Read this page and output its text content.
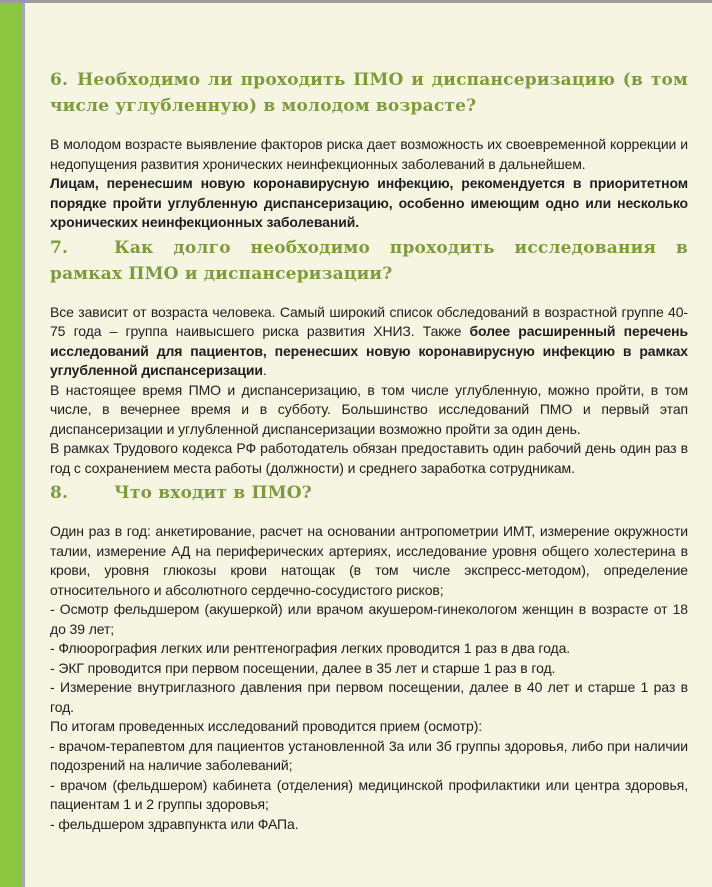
6. Необходимо ли проходить ПМО и диспансеризацию (в том числе углубленную) в молодом возрасте?

В молодом возрасте выявление факторов риска дает возможность их своевременной коррекции и недопущения развития хронических неинфекционных заболеваний в дальнейшем.

Лицам, перенесшим новую коронавирусную инфекцию, рекомендуется в приоритетном порядке пройти углубленную диспансеризацию, особенно имеющим одно или несколько хронических неинфекционных заболеваний.

7.	Как долго необходимо проходить исследования в рамках ПМО и диспансеризации?

Все зависит от возраста человека. Самый широкий список обследований в возрастной группе 40-75 года – группа наивысшего риска развития ХНИЗ. Также более расширенный перечень исследований для пациентов, перенесших новую коронавирусную инфекцию в рамках углубленной диспансеризации.

В настоящее время ПМО и диспансеризацию, в том числе углубленную, можно пройти, в том числе, в вечернее время и в субботу. Большинство исследований ПМО и первый этап диспансеризации и углубленной диспансеризации возможно пройти за один день.

В рамках Трудового кодекса РФ работодатель обязан предоставить один рабочий день один раз в год с сохранением места работы (должности) и среднего заработка сотрудникам.

8.	Что входит в ПМО?

Один раз в год: анкетирование, расчет на основании антропометрии ИМТ, измерение окружности талии, измерение АД на периферических артериях, исследование уровня общего холестерина в крови, уровня глюкозы крови натощак (в том числе экспресс-методом), определение относительного и абсолютного сердечно-сосудистого рисков;

- Осмотр фельдшером (акушеркой) или врачом акушером-гинекологом женщин в возрасте от 18 до 39 лет;

- Флюорография легких или рентгенография легких проводится 1 раз в два года.

- ЭКГ проводится при первом посещении, далее в 35 лет и старше 1 раз в год.

- Измерение внутриглазного давления при первом посещении, далее в 40 лет и старше 1 раз в год.

По итогам проведенных исследований проводится прием (осмотр):

- врачом-терапевтом для пациентов установленной 3а или 3б группы здоровья, либо при наличии подозрений на наличие заболеваний;

- врачом (фельдшером) кабинета (отделения) медицинской профилактики или центра здоровья, пациентам 1 и 2 группы здоровья;

- фельдшером здравпункта или ФАПа.
